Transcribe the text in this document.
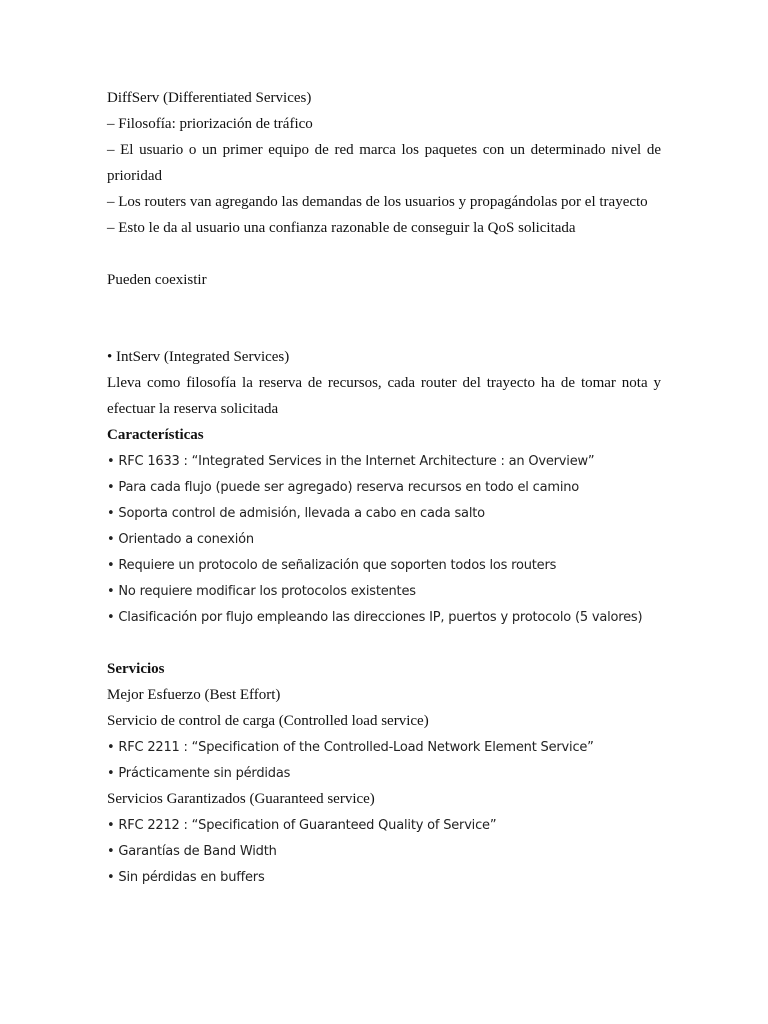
DiffServ (Differentiated Services)
– Filosofía: priorización de tráfico
– El usuario o un primer equipo de red marca los paquetes con un determinado nivel de
prioridad
– Los routers van agregando las demandas de los usuarios y propagándolas por el trayecto
– Esto le da al usuario una confianza razonable de conseguir la QoS solicitada
Pueden coexistir
• IntServ (Integrated Services)
Lleva como filosofía la reserva de recursos, cada router del trayecto ha de tomar nota y
efectuar la reserva solicitada
Características
• RFC 1633 : “Integrated Services in the Internet Architecture : an Overview”
• Para cada flujo (puede ser agregado) reserva recursos en todo el camino
• Soporta control de admisión, llevada a cabo en cada salto
• Orientado a conexión
• Requiere un protocolo de señalización que soporten todos los routers
• No requiere modificar los protocolos existentes
• Clasificación por flujo empleando las direcciones IP, puertos y protocolo (5 valores)
Servicios
Mejor Esfuerzo (Best Effort)
Servicio de control de carga (Controlled load service)
• RFC 2211 : “Specification of the Controlled-Load Network Element Service”
• Prácticamente sin pérdidas
Servicios Garantizados (Guaranteed service)
• RFC 2212 : “Specification of Guaranteed Quality of Service”
• Garantías de Band Width
• Sin pérdidas en buffers
